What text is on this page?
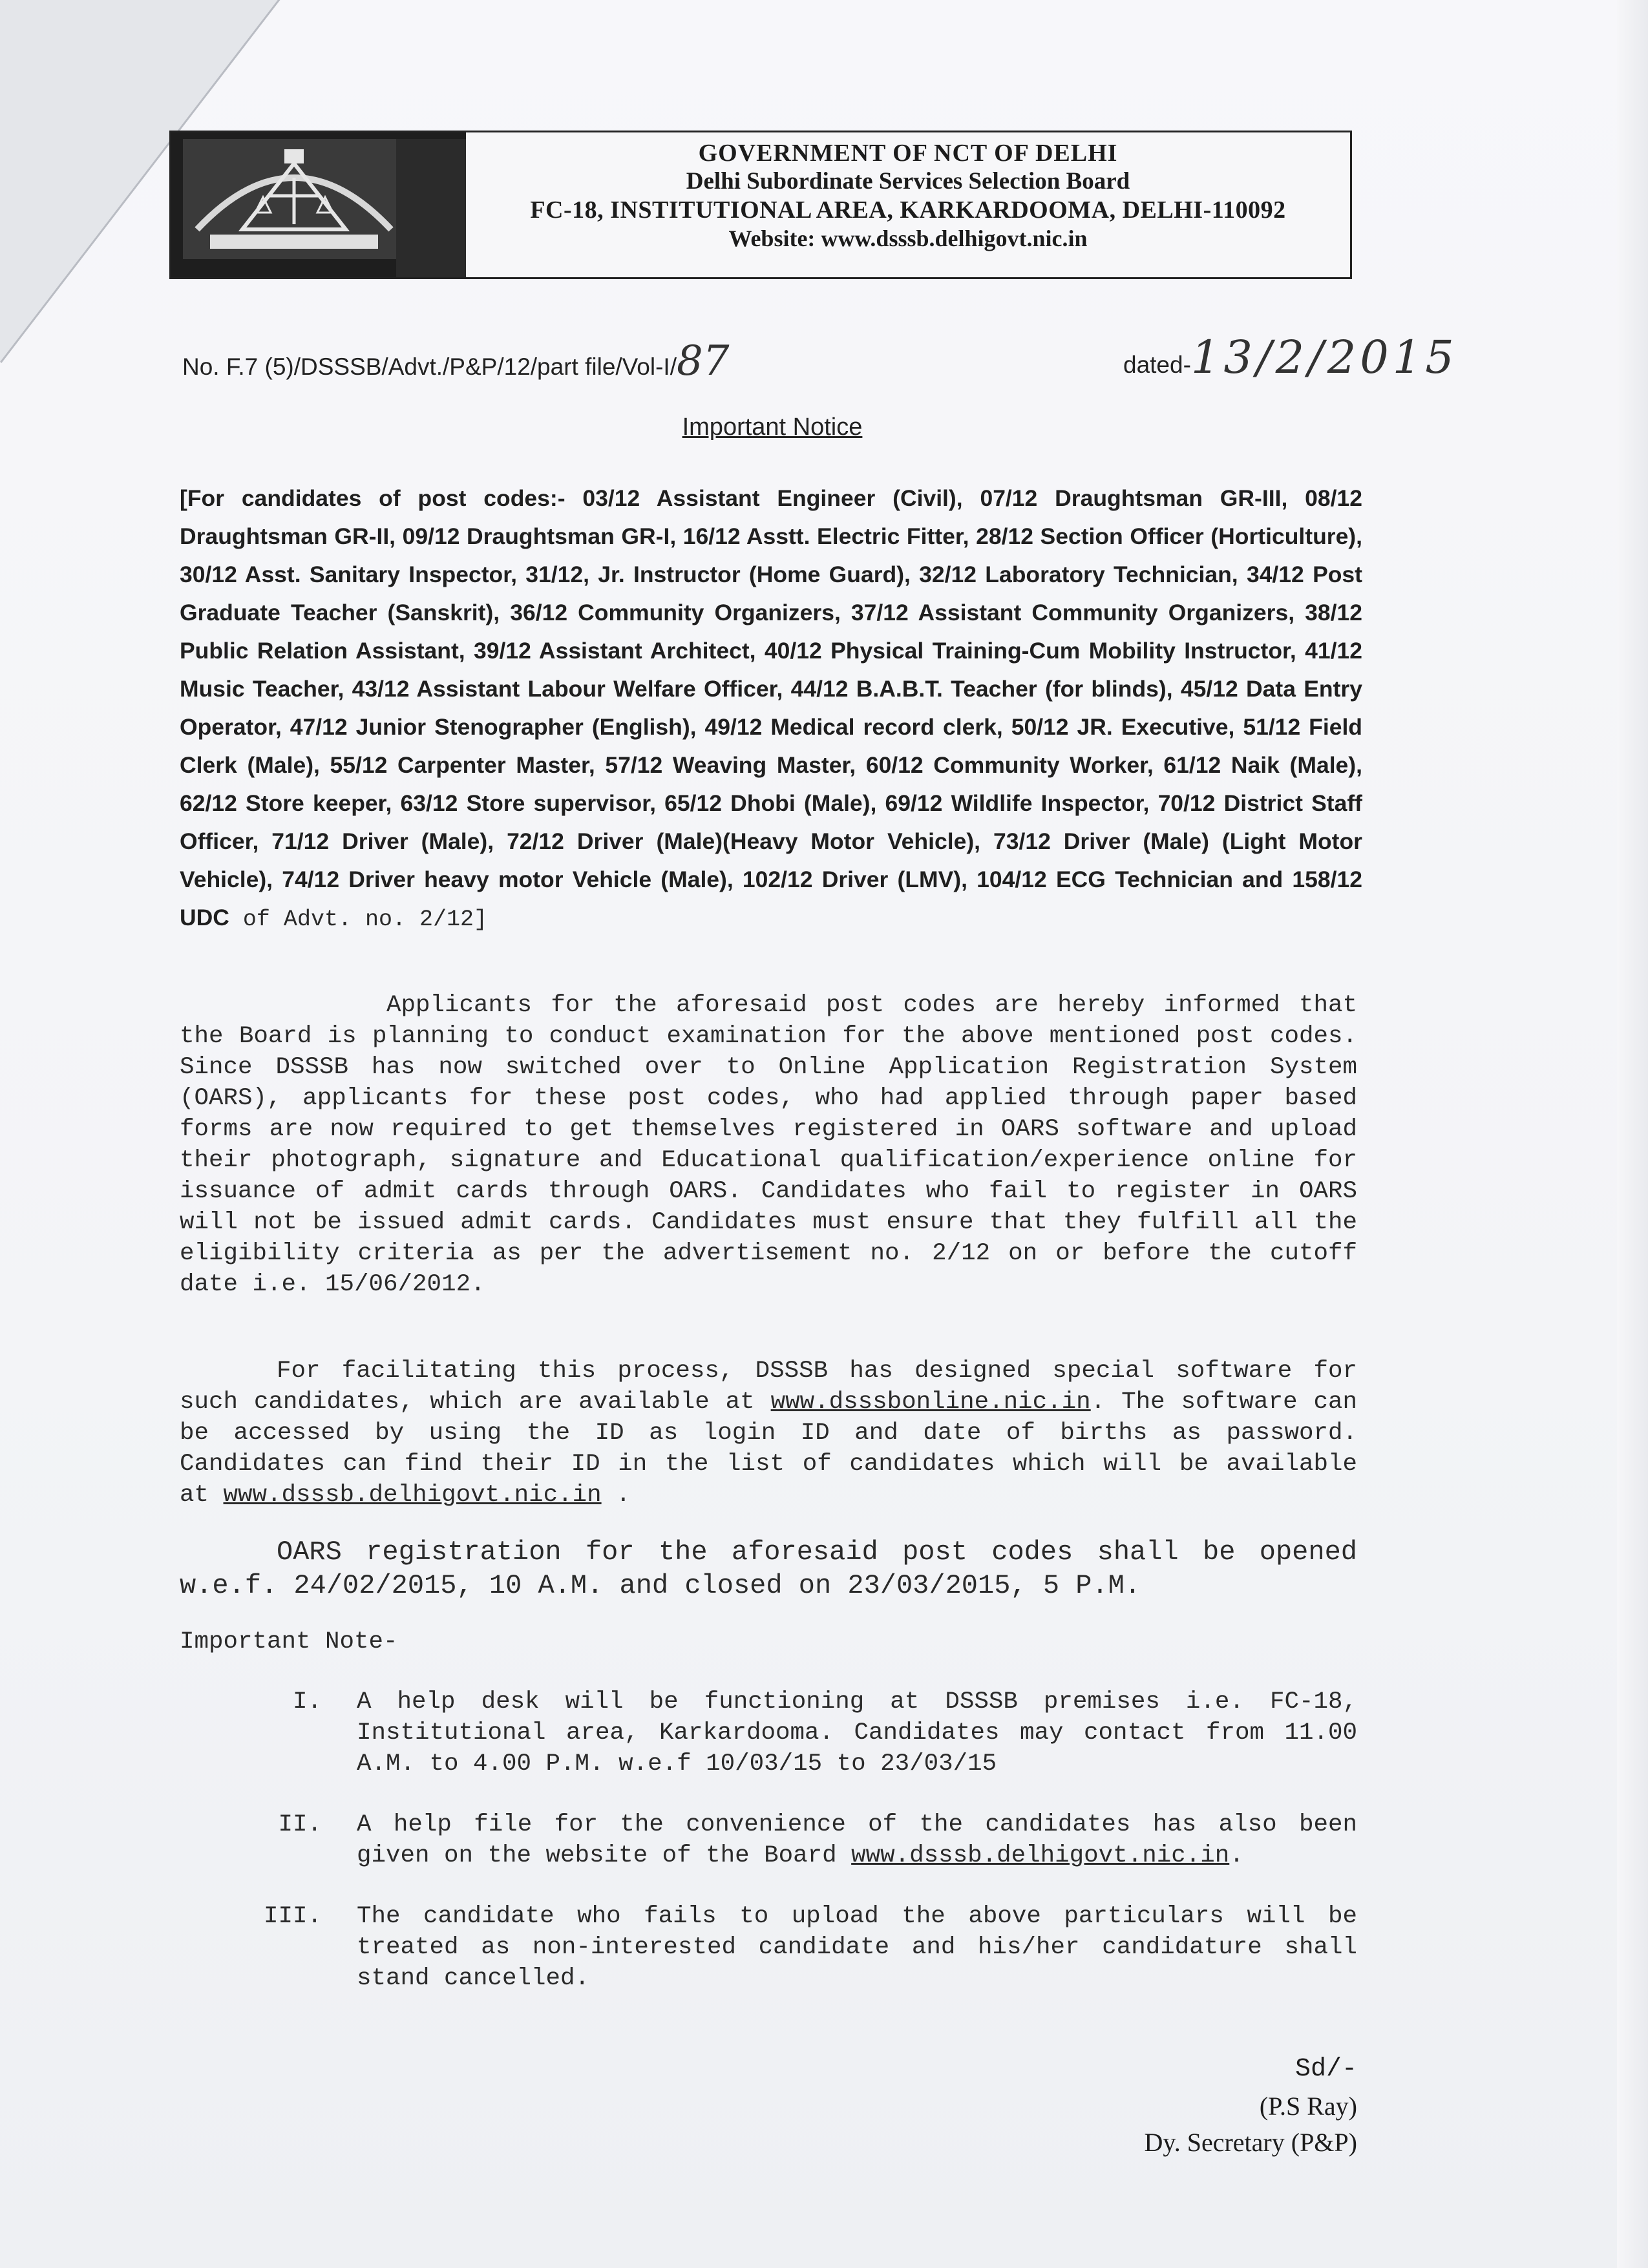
GOVERNMENT OF NCT OF DELHI
Delhi Subordinate Services Selection Board
FC-18, INSTITUTIONAL AREA, KARKARDOOMA, DELHI-110092
Website: www.dsssb.delhigovt.nic.in
No. F.7 (5)/DSSSB/Advt./P&P/12/part file/Vol-I/87	dated-13/2/2015
Important Notice
[For candidates of post codes:- 03/12 Assistant Engineer (Civil), 07/12 Draughtsman GR-III, 08/12 Draughtsman GR-II, 09/12 Draughtsman GR-I, 16/12 Asstt. Electric Fitter, 28/12 Section Officer (Horticulture), 30/12 Asst. Sanitary Inspector, 31/12, Jr. Instructor (Home Guard), 32/12 Laboratory Technician, 34/12 Post Graduate Teacher (Sanskrit), 36/12 Community Organizers, 37/12 Assistant Community Organizers, 38/12 Public Relation Assistant, 39/12 Assistant Architect, 40/12 Physical Training-Cum Mobility Instructor, 41/12 Music Teacher, 43/12 Assistant Labour Welfare Officer, 44/12 B.A.B.T. Teacher (for blinds), 45/12 Data Entry Operator, 47/12 Junior Stenographer (English), 49/12 Medical record clerk, 50/12 JR. Executive, 51/12 Field Clerk (Male), 55/12 Carpenter Master, 57/12 Weaving Master, 60/12 Community Worker, 61/12 Naik (Male), 62/12 Store keeper, 63/12 Store supervisor, 65/12 Dhobi (Male), 69/12 Wildlife Inspector, 70/12 District Staff Officer, 71/12 Driver (Male), 72/12 Driver (Male)(Heavy Motor Vehicle), 73/12 Driver (Male) (Light Motor Vehicle), 74/12 Driver heavy motor Vehicle (Male), 102/12 Driver (LMV), 104/12 ECG Technician and 158/12 UDC of Advt. no. 2/12]
Applicants for the aforesaid post codes are hereby informed that the Board is planning to conduct examination for the above mentioned post codes. Since DSSSB has now switched over to Online Application Registration System (OARS), applicants for these post codes, who had applied through paper based forms are now required to get themselves registered in OARS software and upload their photograph, signature and Educational qualification/experience online for issuance of admit cards through OARS. Candidates who fail to register in OARS will not be issued admit cards. Candidates must ensure that they fulfill all the eligibility criteria as per the advertisement no. 2/12 on or before the cutoff date i.e. 15/06/2012.
For facilitating this process, DSSSB has designed special software for such candidates, which are available at www.dsssbonline.nic.in. The software can be accessed by using the ID as login ID and date of births as password. Candidates can find their ID in the list of candidates which will be available at www.dsssb.delhigovt.nic.in .
OARS registration for the aforesaid post codes shall be opened w.e.f. 24/02/2015, 10 A.M. and closed on 23/03/2015, 5 P.M.
Important Note-
I. A help desk will be functioning at DSSSB premises i.e. FC-18, Institutional area, Karkardooma. Candidates may contact from 11.00 A.M. to 4.00 P.M. w.e.f 10/03/15 to 23/03/15
II. A help file for the convenience of the candidates has also been given on the website of the Board www.dsssb.delhigovt.nic.in.
III. The candidate who fails to upload the above particulars will be treated as non-interested candidate and his/her candidature shall stand cancelled.
Sd/-
(P.S Ray)
Dy. Secretary (P&P)
